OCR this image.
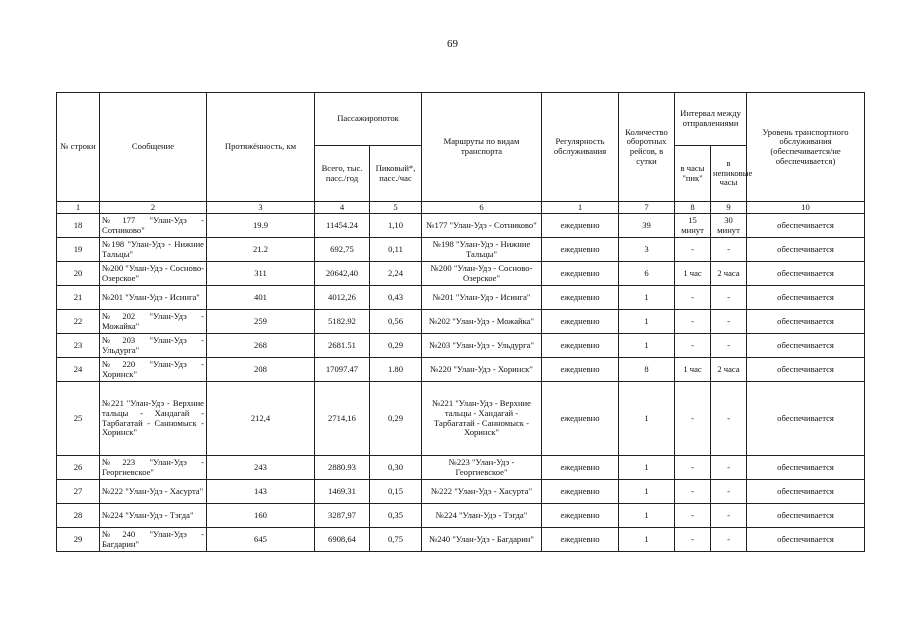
69
№ строки	Сообщение	Протяжённость, км	Пассажиропоток		Маршруты по видам транспорта	Регулярность обслуживания	Количество оборотных рейсов, в сутки	Интервал между отправлениями		Уровень транспортного обслуживания (обеспечивается/не обеспечивается)
			Всего, тыс. пасс./год	Пиковый*, пасс./час				в часы "пик"	в непиковые часы	
1	2	3	4	5	6	1	7	8	9	10
18	№177 "Улан-Удэ - Сотниково"	19.9	11454.24	1,10	№177 "Улан-Удэ - Сотниково"	ежедневно	39	15 минут	30 минут	обеспечивается
19	№198 "Улан-Удэ - Нижние Тальцы"	21.2	692,75	0,11	№198 "Улан-Удэ - Нижние Тальцы"	ежедневно	3	-	-	обеспечивается
20	№200 "Улан-Удэ - Сосново-Озерское"	311	20642,40	2,24	№200 "Улан-Удэ - Сосново-Озерское"	ежедневно	6	1 час	2 часа	обеспечивается
21	№201 "Улан-Удэ - Исинга"	401	4012,26	0,43	№201 "Улан-Удэ - Исинга"	ежедневно	1	-	-	обеспечивается
22	№202 "Улан-Удэ - Можайка"	259	5182.92	0,56	№202 "Улан-Удэ - Можайка"	ежедневно	1	-	-	обеспечивается
23	№203 "Улан-Удэ - Ульдурга"	268	2681.51	0,29	№203 "Улан-Удэ - Ульдурга"	ежедневно	1	-	-	обеспечивается
24	№220 "Улан-Удэ - Хоринск"	208	17097.47	1.80	№220 "Улан-Удэ - Хоринск"	ежедневно	8	1 час	2 часа	обеспечивается
25	№221 "Улан-Удэ - Верхние тальцы - Хандагай - Тарбагатай - Санномыск - Хоринск"	212,4	2714,16	0,29	№221 "Улан-Удэ - Верхние тальцы - Хандагай - Тарбагатай - Санномыск - Хоринск"	ежедневно	1	-	-	обеспечивается
26	№223 "Улан-Удэ - Георгиевское"	243	2880.93	0,30	№223 "Улан-Удэ - Георгиевское"	ежедневно	1	-	-	обеспечивается
27	№222 "Улан-Удэ - Хасурта"	143	1469.31	0,15	№222 "Улан-Удэ - Хасурта"	ежедневно	1	-	-	обеспечивается
28	№224 "Улан-Удэ - Тэгда"	160	3287,97	0,35	№224 "Улан-Удэ - Тэгда"	ежедневно	1	-	-	обеспечивается
29	№240 "Улан-Удэ - Багдарин"	645	6908,64	0,75	№240 "Улан-Удэ - Багдарин"	ежедневно	1	-	-	обеспечивается
